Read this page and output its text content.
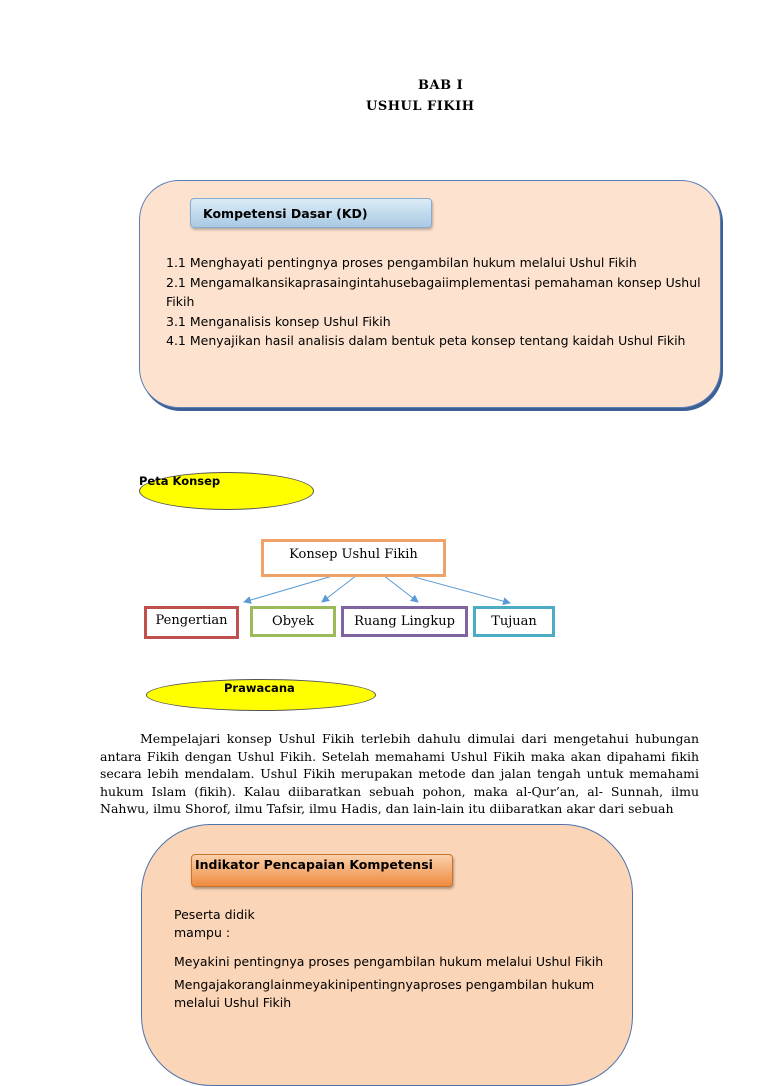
BAB I
USHUL FIKIH
Kompetensi Dasar (KD)
1.1 Menghayati pentingnya proses pengambilan hukum melalui Ushul Fikih
2.1 Mengamalkansikaprasaingintahusebagaiimplementasi pemahaman konsep Ushul Fikih
3.1 Menganalisis konsep Ushul Fikih
4.1 Menyajikan hasil analisis dalam bentuk peta konsep tentang kaidah Ushul Fikih
Peta Konsep
Konsep Ushul Fikih
Pengertian	Obyek	Ruang Lingkup	Tujuan
Prawacana

Mempelajari konsep Ushul Fikih terlebih dahulu dimulai dari mengetahui hubungan antara Fikih dengan Ushul Fikih. Setelah memahami Ushul Fikih maka akan dipahami fikih secara lebih mendalam. Ushul Fikih merupakan metode dan jalan tengah untuk memahami hukum Islam (fikih). Kalau diibaratkan sebuah pohon, maka al-Qur’an, al- Sunnah, ilmu Nahwu, ilmu Shorof, ilmu Tafsir, ilmu Hadis, dan lain-lain itu diibaratkan akar dari sebuah

Indikator Pencapaian Kompetensi

Peserta didik mampu :

Meyakini pentingnya proses pengambilan hukum melalui Ushul Fikih
Mengajakoranglainmeyakinipentingnyaproses pengambilan hukum melalui Ushul Fikih
